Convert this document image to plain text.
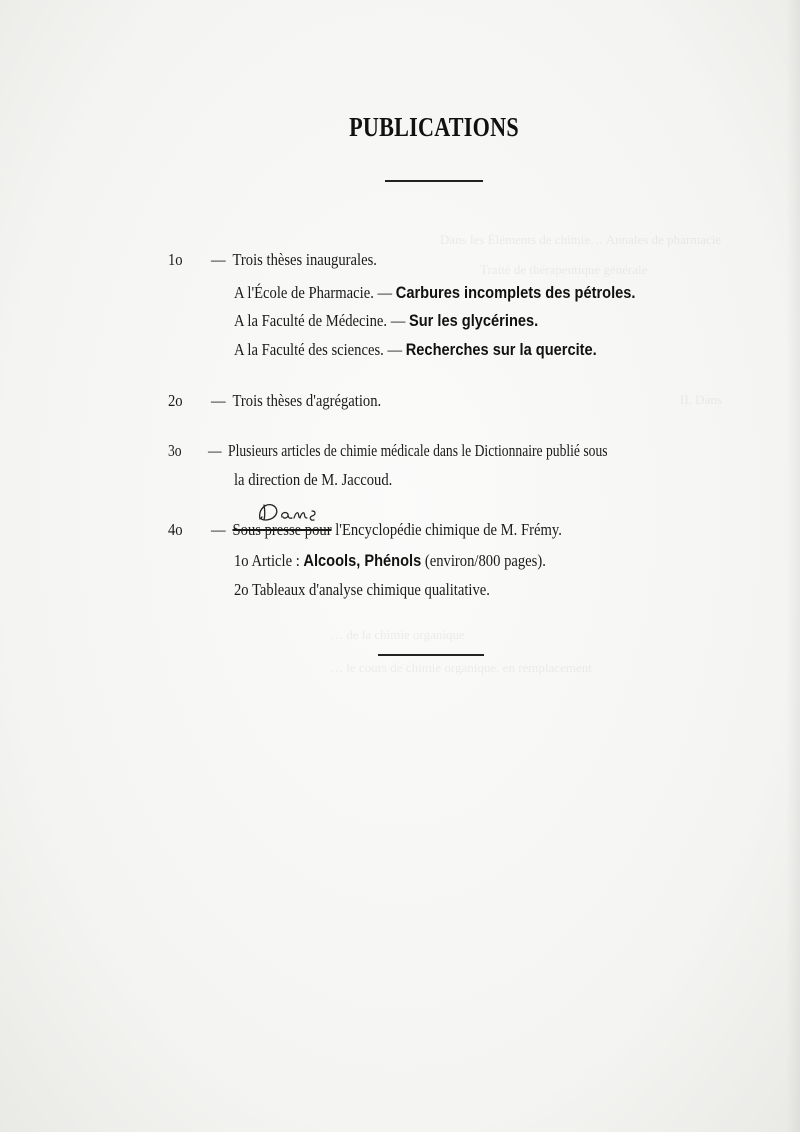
Dans les Éléments de chimie… Annales de pharmacie
Traité de thérapeutique générale
II. Dans
… de la chimie organique
… le cours de chimie organique, en remplacement
PUBLICATIONS
1o — Trois thèses inaugurales.
A l'École de Pharmacie. — Carbures incomplets des pétroles.
A la Faculté de Médecine. — Sur les glycérines.
A la Faculté des sciences. — Recherches sur la quercite.
2o — Trois thèses d'agrégation.
3o — Plusieurs articles de chimie médicale dans le Dictionnaire publié sous
la direction de M. Jaccoud.
4o — Sous presse pour l'Encyclopédie chimique de M. Frémy.
1o Article : Alcools, Phénols (environ/800 pages).
2o Tableaux d'analyse chimique qualitative.
